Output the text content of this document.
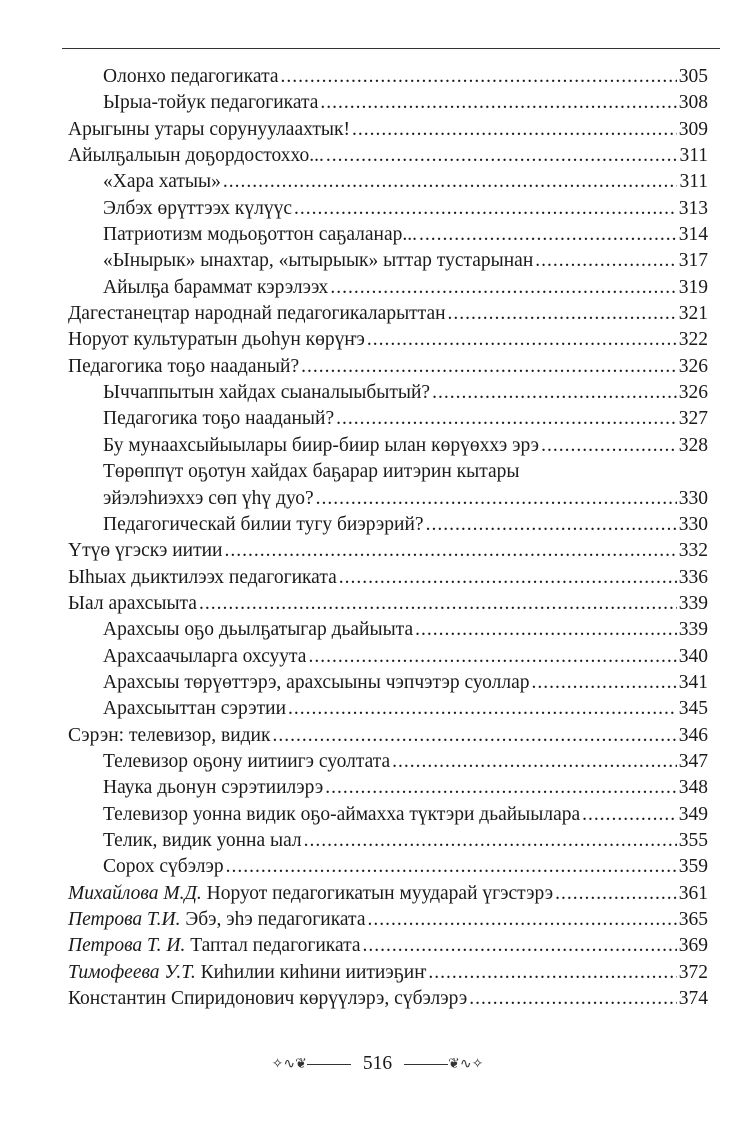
Олонхо педагогиката .....	305
Ырыа-тойук педагогиката .....	308
Арыгыны утары сорунуулаахтык! .....	309
Айылҕалыын доҕордостоххо... .....	311
«Хара хатыы» .....	311
Элбэх өрүттээх күлүүс .....	313
Патриотизм модьоҕоттон саҕаланар... .....	314
«Ынырык» ынахтар, «ытырыык» ыттар тустарынан .....	317
Айылҕа бараммат кэрэлээх .....	319
Дагестанецтар народнай педагогикаларыттан .....	321
Норуот культуратын дьоһун көрүҥэ .....	322
Педагогика тоҕо нааданый? .....	326
Ыччаппытын хайдах сыаналыыбытый? .....	326
Педагогика тоҕо нааданый? .....	327
Бу мунаахсыйыылары биир-биир ылан көрүөххэ эрэ .....	328
Төрөппүт оҕотун хайдах баҕарар иитэрин кытары
эйэлэһиэххэ сөп үһү дуо? .....	330
Педагогическай билии тугу биэрэрий? .....	330
Үтүө үгэскэ иитии .....	332
Ыһыах дьиктилээх педагогиката .....	336
Ыал арахсыыта .....	339
Арахсыы оҕо дьылҕатыгар дьайыыта .....	339
Арахсаачыларга охсуута .....	340
Арахсыы төрүөттэрэ, арахсыыны чэпчэтэр суоллар .....	341
Арахсыыттан сэрэтии .....	345
Сэрэн: телевизор, видик .....	346
Телевизор оҕону иитиигэ суолтата .....	347
Наука дьонун сэрэтиилэрэ .....	348
Телевизор уонна видик оҕо-аймахха түктэри дьайыылара .....	349
Телик, видик уонна ыал .....	355
Сорох сүбэлэр .....	359
Михайлова М.Д. Норуот педагогикатын муударай үгэстэрэ .....	361
Петрова Т.И. Эбэ, эһэ педагогиката .....	365
Петрова Т. И. Таптал педагогиката .....	369
Тимофеева У.Т. Киһилии киһини иитиэҕиҥ .....	372
Константин Спиридонович көрүүлэрэ, сүбэлэрэ .....	374
✧∿❦	516	❦∿✧
